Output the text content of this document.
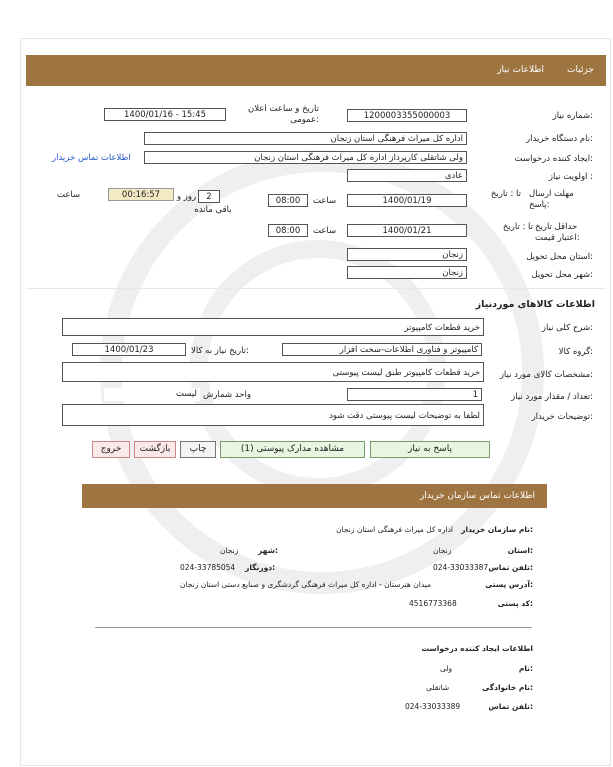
جزئیات
اطلاعات نیاز
شماره نیاز:
1200003355000003
تاریخ و ساعت اعلان عمومی:
1400/01/16 - 15:45
نام دستگاه خریدار:
اداره کل میراث فرهنگی استان زنجان
ایجاد کننده درخواست:
ولی شاتقلی کارپرداز اداره کل میراث فرهنگی استان زنجان
اطلاعات تماس خریدار
اولویت نیاز :
عادی
مهلت ارسال پاسخ:
تا : تاریخ
1400/01/19
ساعت
08:00
2
روز و
باقی مانده
00:16:57
ساعت
حداقل تاریخ اعتبار قیمت:
تا : تاریخ
1400/01/21
ساعت
08:00
استان محل تحویل:
زنجان
شهر محل تحویل:
زنجان
اطلاعات کالاهای موردنیاز
شرح کلی نیاز:
خرید قطعات کامپیوتر
گروه کالا:
کامپیوتر و فناوری اطلاعات-سخت افزار
تاریخ نیاز به کالا:
1400/01/23
مشخصات کالای مورد نیاز:
خرید قطعات کامپیوتر طبق لیست پیوستی
تعداد / مقدار مورد نیاز:
1
واحد شمارش
لیست
توضیحات خریدار:
لطفا به توضیحات لیست پیوستی دقت شود
پاسخ به نیاز
مشاهده مدارک پیوستی (1)
چاپ
بازگشت
خروج
اطلاعات تماس سازمان خریدار
نام سازمان خریدار:
اداره کل میراث فرهنگی استان زنجان
استان:
زنجان
شهر:
زنجان
تلفن تماس:
024-33033387
دورنگار:
024-33785054
آدرس پستی:
میدان هنرستان - اداره کل میراث فرهنگی گردشگری و صنایع دستی استان زنجان
کد پستی:
4516773368
اطلاعات ایجاد کننده درخواست
نام:
ولی
نام خانوادگی:
شاتقلی
تلفن تماس:
024-33033389
